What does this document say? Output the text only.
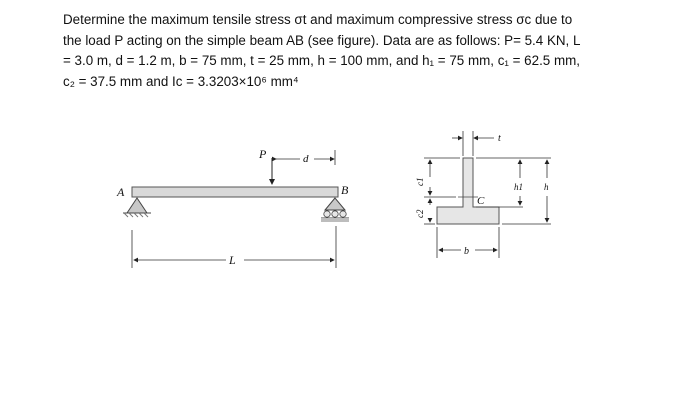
Determine the maximum tensile stress σt and maximum compressive stress σc due to

the load P acting on the simple beam AB (see figure). Data are as follows: P= 5.4 KN, L

= 3.0 m, d = 1.2 m, b = 75 mm, t = 25 mm, h = 100 mm, and h₁ = 75 mm, c₁ = 62.5 mm,

c₂ = 37.5 mm and Ic = 3.3203×10⁶ mm⁴

P	d
A	B
L
C
t
c1
c2
h1 h
b
